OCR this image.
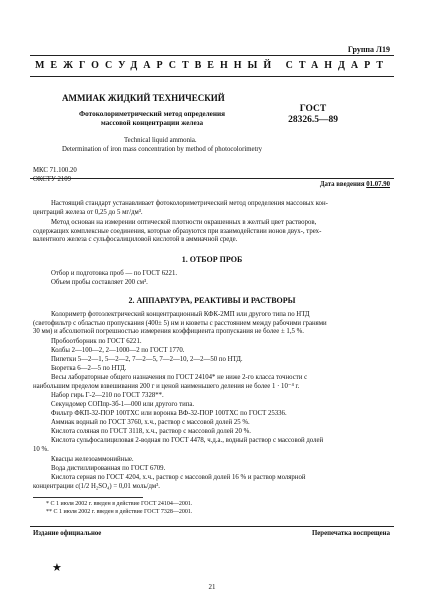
Группа Л19
МЕЖГОСУДАРСТВЕННЫЙ СТАНДАРТ
АММИАК ЖИДКИЙ ТЕХНИЧЕСКИЙ
Фотоколориметрический метод определения
массовой концентрации железа
ГОСТ
28326.5—89
Technical liquid ammonia.
Determination of iron mass concentration by method of photocolorimetry
МКС 71.100.20
ОКСТУ 2109
Дата введения 01.07.90
Настоящий стандарт устанавливает фотоколориметрический метод определения массовых кон-
центраций железа от 0,25 до 5 мг/дм³.
Метод основан на измерении оптической плотности окрашенных в желтый цвет растворов,
содержащих комплексные соединения, которые образуются при взаимодействии ионов двух-, трех-
валентного железа с сульфосалициловой кислотой в аммиачной среде.
1. ОТБОР ПРОБ
Отбор и подготовка проб — по ГОСТ 6221.
Объем пробы составляет 200 см³.
2. АППАРАТУРА, РЕАКТИВЫ И РАСТВОРЫ
Колориметр фотоэлектрический концентрационный КФК-2МП или другого типа по НТД
(светофильтр с областью пропускания (400± 5) нм и кюветы с расстоянием между рабочими гранями
30 мм) и абсолютной погрешностью измерения коэффициента пропускания не более ± 1,5 %.
Пробоотборник по ГОСТ 6221.
Колбы 2—100—2, 2—1000—2 по ГОСТ 1770.
Пипетки 5—2—1, 5—2—2, 7—2—5, 7—2—10, 2—2—50 по НТД.
Бюретка 6—2—5 по НТД.
Весы лабораторные общего назначения по ГОСТ 24104* не ниже 2-го класса точности с
наибольшим пределом взвешивания 200 г и ценой наименьшего деления не более 1 · 10⁻⁴ г.
Набор гирь Г-2—210 по ГОСТ 7328**.
Секундомер СОПпр-3б-1—000 или другого типа.
Фильтр ФКП-32-ПОР 100ТХС или воронка ВФ-32-ПОР 100ТХС по ГОСТ 25336.
Аммиак водный по ГОСТ 3760, х.ч., раствор с массовой долей 25 %.
Кислота соляная по ГОСТ 3118, х.ч., раствор с массовой долей 20 %.
Кислота сульфосалициловая 2-водная по ГОСТ 4478, ч.д.а., водный раствор с массовой долей
10 %.
Квасцы железоаммонийные.
Вода дистиллированная по ГОСТ 6709.
Кислота серная по ГОСТ 4204, х.ч., раствор с массовой долей 16 % и раствор молярной
концентрации c(1/2 H₂SO₄) = 0,01 моль/дм³.
* С 1 июля 2002 г. введен в действие ГОСТ 24104—2001.
** С 1 июля 2002 г. введен в действие ГОСТ 7328—2001.
Издание официальное	Перепечатка воспрещена
★
21
